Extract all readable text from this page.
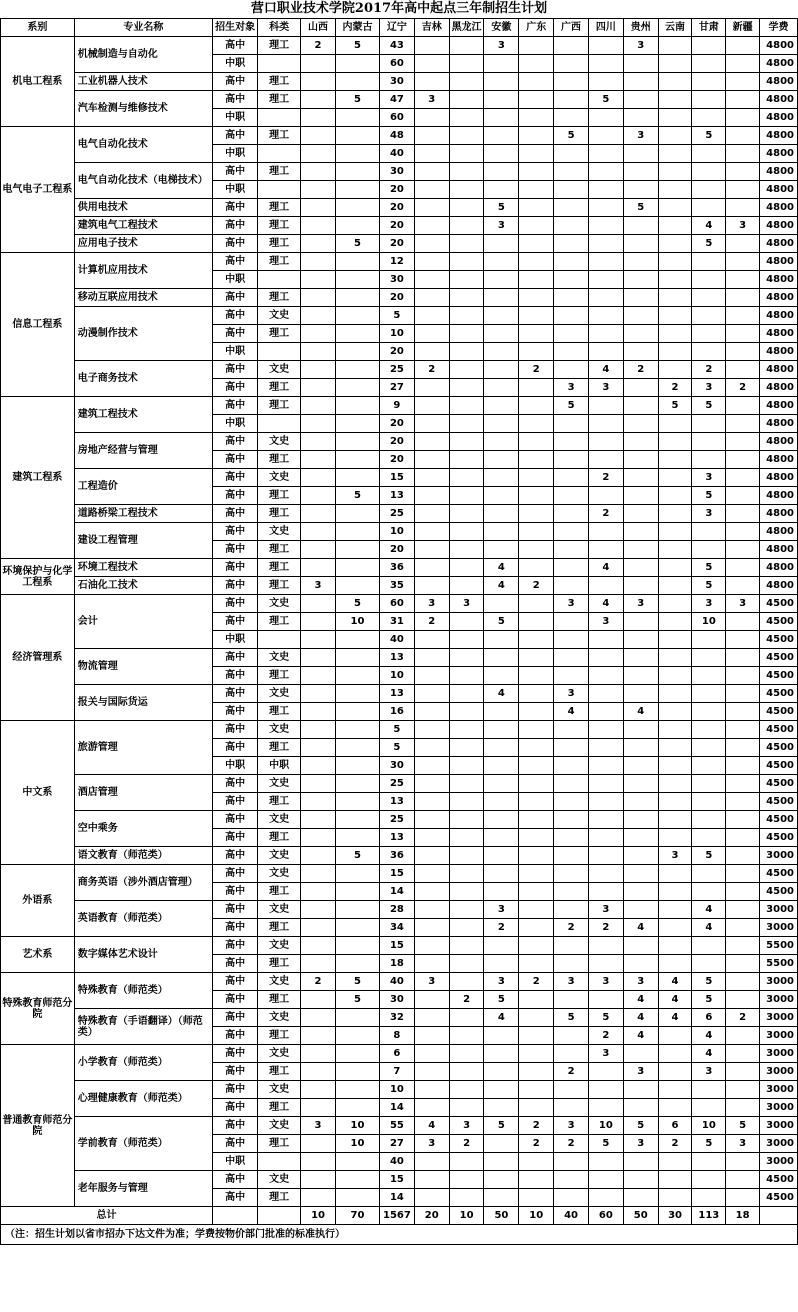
营口职业技术学院2017年高中起点三年制招生计划
系别	专业名称	招生对象	科类	山西	内蒙古	辽宁	吉林	黑龙江	安徽	广东	广西	四川	贵州	云南	甘肃	新疆	学费
机电工程系	机械制造与自动化	高中	理工	2	5	43			3				3				4800
		中职				60											4800
	工业机器人技术	高中	理工			30											4800
	汽车检测与维修技术	高中	理工		5	47	3					5					4800
		中职				60											4800
电气电子工程系	电气自动化技术	高中	理工			48					5		3		5		4800
		中职				40											4800
	电气自动化技术（电梯技术）	高中	理工			30											4800
		中职				20											4800
	供用电技术	高中	理工			20			5				5				4800
	建筑电气工程技术	高中	理工			20			3						4	3	4800
	应用电子技术	高中	理工		5	20									5		4800
信息工程系	计算机应用技术	高中	理工			12											4800
		中职				30											4800
	移动互联应用技术	高中	理工			20											4800
	动漫制作技术	高中	文史			5											4800
		高中	理工			10											4800
		中职				20											4800
	电子商务技术	高中	文史			25	2			2		4	2		2		4800
		高中	理工			27					3	3		2	3	2	4800
建筑工程系	建筑工程技术	高中	理工			9					5			5	5		4800
		中职				20											4800
	房地产经营与管理	高中	文史			20											4800
		高中	理工			20											4800
	工程造价	高中	文史			15						2			3		4800
		高中	理工		5	13									5		4800
	道路桥梁工程技术	高中	理工			25						2			3		4800
	建设工程管理	高中	文史			10											4800
		高中	理工			20											4800
环境保护与化学工程系	环境工程技术	高中	理工			36			4			4			5		4800
	石油化工技术	高中	理工	3		35			4	2					5		4800
经济管理系	会计	高中	文史		5	60	3	3			3	4	3		3	3	4500
		高中	理工		10	31	2		5			3			10		4500
		中职				40											4500
	物流管理	高中	文史			13											4500
		高中	理工			10											4500
	报关与国际货运	高中	文史			13			4		3						4500
		高中	理工			16					4		4				4500
中文系	旅游管理	高中	文史			5											4500
		高中	理工			5											4500
		中职	中职			30											4500
	酒店管理	高中	文史			25											4500
		高中	理工			13											4500
	空中乘务	高中	文史			25											4500
		高中	理工			13											4500
	语文教育（师范类）	高中	文史		5	36								3	5		3000
外语系	商务英语（涉外酒店管理）	高中	文史			15											4500
		高中	理工			14											4500
	英语教育（师范类）	高中	文史			28			3			3			4		3000
		高中	理工			34			2		2	2	4		4		3000
艺术系	数字媒体艺术设计	高中	文史			15											5500
		高中	理工			18											5500
特殊教育师范分院	特殊教育（师范类）	高中	文史	2	5	40	3		3	2	3	3	3	4	5		3000
		高中	理工		5	30		2	5				4	4	5		3000
	特殊教育（手语翻译）（师范类）	高中	文史			32			4		5	5	4	4	6	2	3000
		高中	理工			8						2	4		4		3000
普通教育师范分院	小学教育（师范类）	高中	文史			6						3			4		3000
		高中	理工			7					2		3		3		3000
	心理健康教育（师范类）	高中	文史			10											3000
		高中	理工			14											3000
	学前教育（师范类）	高中	文史	3	10	55	4	3	5	2	3	10	5	6	10	5	3000
		高中	理工		10	27	3	2		2	2	5	3	2	5	3	3000
		中职				40											3000
	老年服务与管理	高中	文史			15											4500
		高中	理工			14											4500
总计				10	70	1567	20	10	50	10	40	60	50	30	113	18	
（注：招生计划以省市招办下达文件为准；学费按物价部门批准的标准执行）																	
